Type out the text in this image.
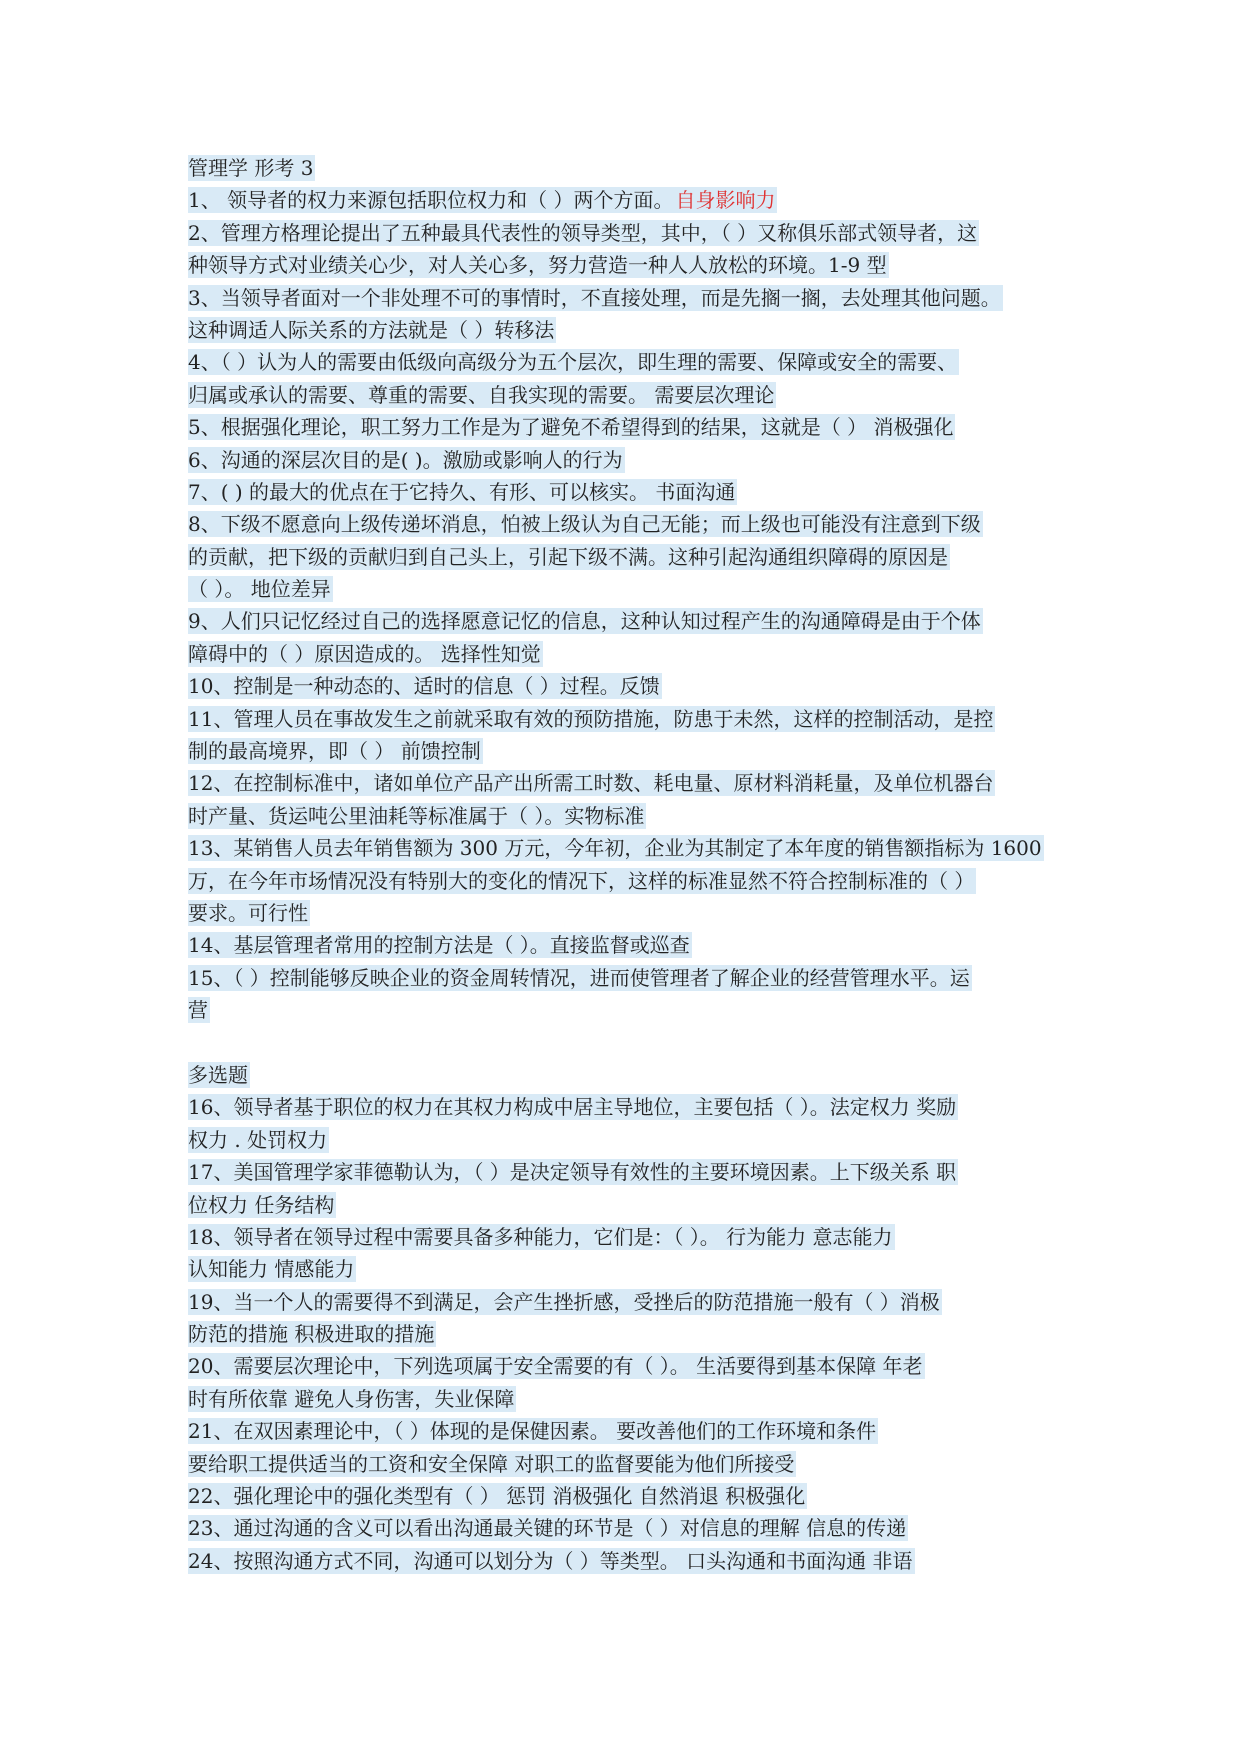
管理学 形考 3
1、 领导者的权力来源包括职位权力和（ ）两个方面。自身影响力
2、管理方格理论提出了五种最具代表性的领导类型，其中，（ ）又称俱乐部式领导者，这
种领导方式对业绩关心少，对人关心多，努力营造一种人人放松的环境。1-9 型
3、当领导者面对一个非处理不可的事情时，不直接处理，而是先搁一搁，去处理其他问题。
这种调适人际关系的方法就是（ ）转移法
4、（ ）认为人的需要由低级向高级分为五个层次，即生理的需要、保障或安全的需要、
归属或承认的需要、尊重的需要、自我实现的需要。 需要层次理论
5、根据强化理论，职工努力工作是为了避免不希望得到的结果，这就是（ ） 消极强化
6、沟通的深层次目的是( )。激励或影响人的行为
7、( ) 的最大的优点在于它持久、有形、可以核实。 书面沟通
8、下级不愿意向上级传递坏消息，怕被上级认为自己无能；而上级也可能没有注意到下级
的贡献，把下级的贡献归到自己头上，引起下级不满。这种引起沟通组织障碍的原因是
（ ）。 地位差异
9、人们只记忆经过自己的选择愿意记忆的信息，这种认知过程产生的沟通障碍是由于个体
障碍中的（ ）原因造成的。 选择性知觉
10、控制是一种动态的、适时的信息（ ）过程。反馈
11、管理人员在事故发生之前就采取有效的预防措施，防患于未然，这样的控制活动，是控
制的最高境界，即（ ） 前馈控制
12、在控制标准中，诸如单位产品产出所需工时数、耗电量、原材料消耗量，及单位机器台
时产量、货运吨公里油耗等标准属于（ ）。实物标准
13、某销售人员去年销售额为 300 万元，今年初，企业为其制定了本年度的销售额指标为 1600
万，在今年市场情况没有特别大的变化的情况下，这样的标准显然不符合控制标准的（ ）
要求。可行性
14、基层管理者常用的控制方法是（ ）。直接监督或巡查
15、（ ）控制能够反映企业的资金周转情况，进而使管理者了解企业的经营管理水平。运
营
多选题
16、领导者基于职位的权力在其权力构成中居主导地位，主要包括（ ）。法定权力 奖励
权力 . 处罚权力
17、美国管理学家菲德勒认为，（ ）是决定领导有效性的主要环境因素。上下级关系 职
位权力 任务结构
18、领导者在领导过程中需要具备多种能力，它们是：（ ）。 行为能力 意志能力
认知能力 情感能力
19、当一个人的需要得不到满足，会产生挫折感，受挫后的防范措施一般有（ ）消极
防范的措施 积极进取的措施
20、需要层次理论中，下列选项属于安全需要的有（ ）。 生活要得到基本保障 年老
时有所依靠 避免人身伤害，失业保障
21、在双因素理论中，（ ）体现的是保健因素。 要改善他们的工作环境和条件
要给职工提供适当的工资和安全保障 对职工的监督要能为他们所接受
22、强化理论中的强化类型有（ ） 惩罚 消极强化 自然消退 积极强化
23、通过沟通的含义可以看出沟通最关键的环节是（ ）对信息的理解 信息的传递
24、按照沟通方式不同，沟通可以划分为（ ）等类型。 口头沟通和书面沟通 非语
